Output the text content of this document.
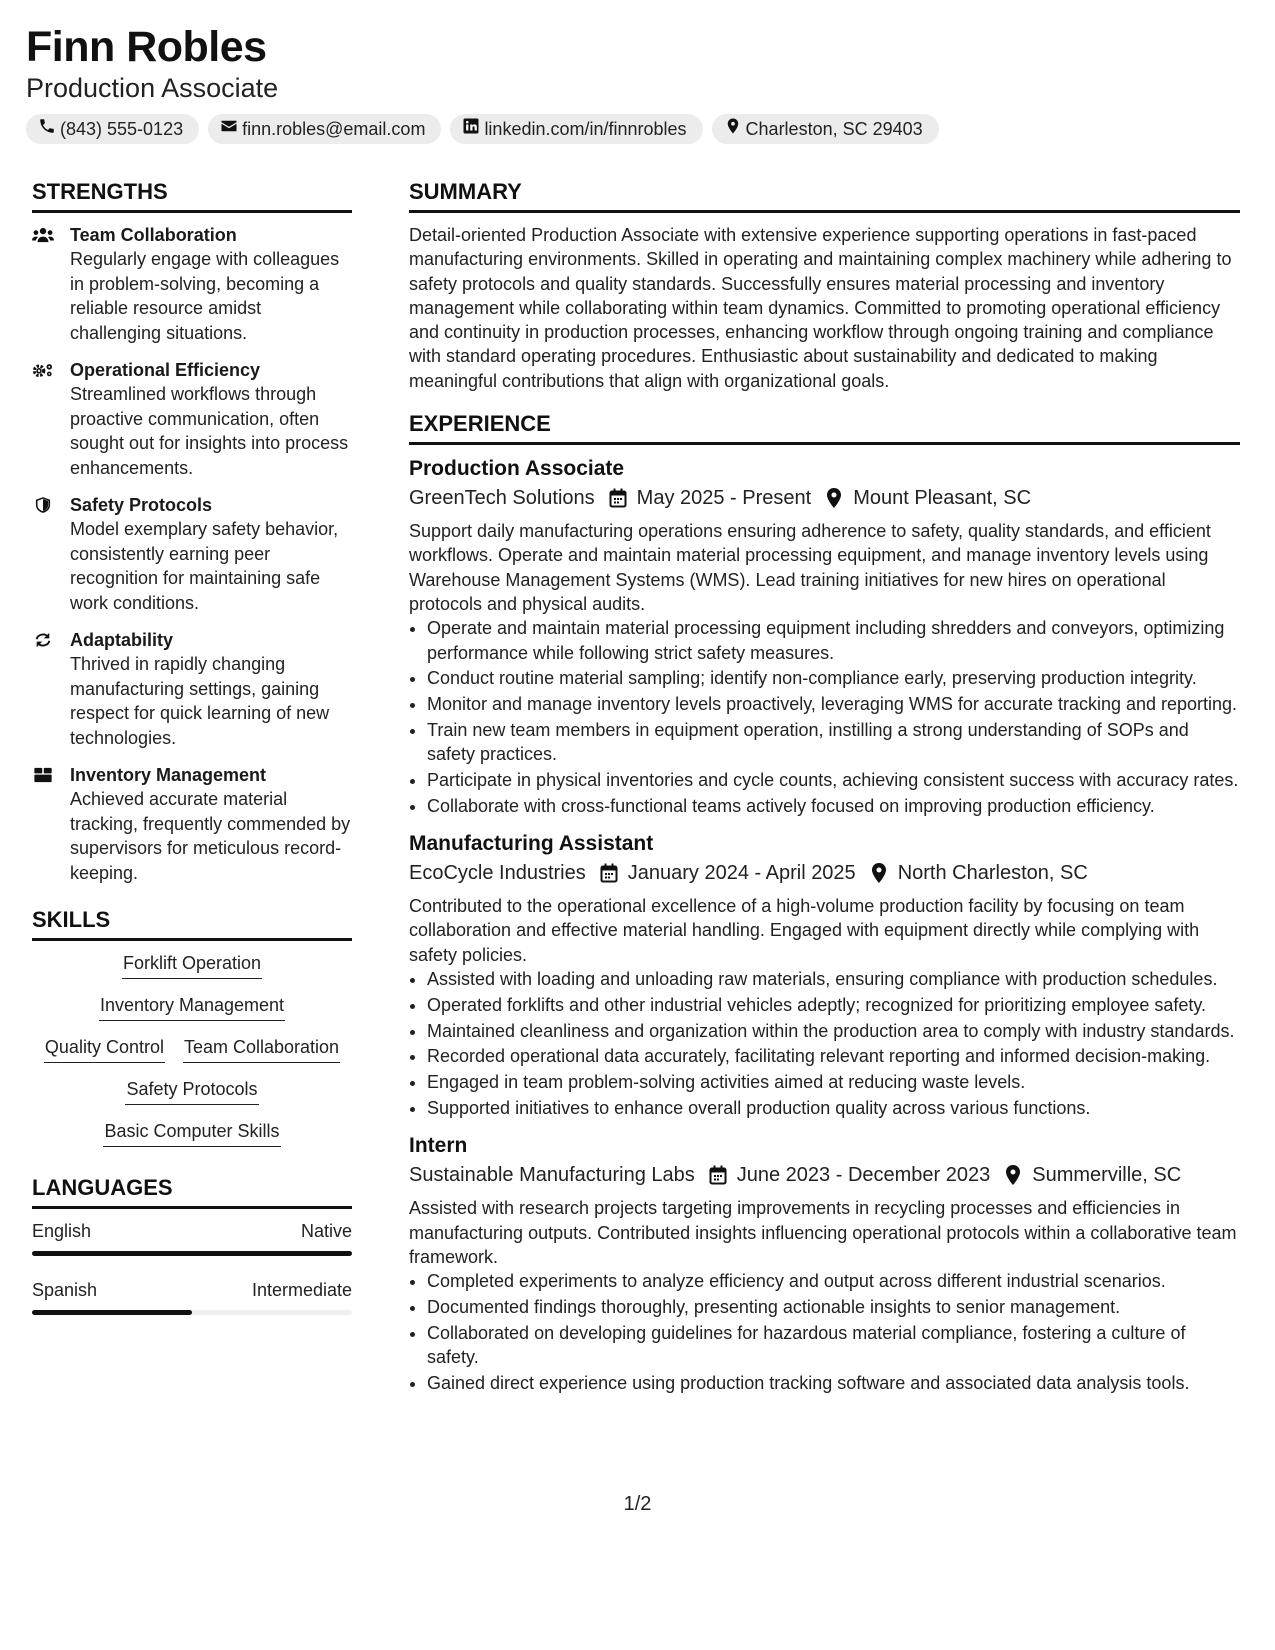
Finn Robles
Production Associate
(843) 555-0123	finn.robles@email.com	linkedin.com/in/finnrobles	Charleston, SC 29403
STRENGTHS
Team Collaboration
Regularly engage with colleagues in problem-solving, becoming a reliable resource amidst challenging situations.
Operational Efficiency
Streamlined workflows through proactive communication, often sought out for insights into process enhancements.
Safety Protocols
Model exemplary safety behavior, consistently earning peer recognition for maintaining safe work conditions.
Adaptability
Thrived in rapidly changing manufacturing settings, gaining respect for quick learning of new technologies.
Inventory Management
Achieved accurate material tracking, frequently commended by supervisors for meticulous record-keeping.
SKILLS
Forklift Operation
Inventory Management
Quality Control Team Collaboration
Safety Protocols
Basic Computer Skills
LANGUAGES
English	Native
Spanish	Intermediate
SUMMARY
Detail-oriented Production Associate with extensive experience supporting operations in fast-paced manufacturing environments. Skilled in operating and maintaining complex machinery while adhering to safety protocols and quality standards. Successfully ensures material processing and inventory management while collaborating within team dynamics. Committed to promoting operational efficiency and continuity in production processes, enhancing workflow through ongoing training and compliance with standard operating procedures. Enthusiastic about sustainability and dedicated to making meaningful contributions that align with organizational goals.
EXPERIENCE
Production Associate
GreenTech Solutions May 2025 - Present Mount Pleasant, SC
Support daily manufacturing operations ensuring adherence to safety, quality standards, and efficient workflows. Operate and maintain material processing equipment, and manage inventory levels using Warehouse Management Systems (WMS). Lead training initiatives for new hires on operational protocols and physical audits.
• Operate and maintain material processing equipment including shredders and conveyors, optimizing performance while following strict safety measures.
• Conduct routine material sampling; identify non-compliance early, preserving production integrity.
• Monitor and manage inventory levels proactively, leveraging WMS for accurate tracking and reporting.
• Train new team members in equipment operation, instilling a strong understanding of SOPs and safety practices.
• Participate in physical inventories and cycle counts, achieving consistent success with accuracy rates.
• Collaborate with cross-functional teams actively focused on improving production efficiency.
Manufacturing Assistant
EcoCycle Industries January 2024 - April 2025 North Charleston, SC
Contributed to the operational excellence of a high-volume production facility by focusing on team collaboration and effective material handling. Engaged with equipment directly while complying with safety policies.
• Assisted with loading and unloading raw materials, ensuring compliance with production schedules.
• Operated forklifts and other industrial vehicles adeptly; recognized for prioritizing employee safety.
• Maintained cleanliness and organization within the production area to comply with industry standards.
• Recorded operational data accurately, facilitating relevant reporting and informed decision-making.
• Engaged in team problem-solving activities aimed at reducing waste levels.
• Supported initiatives to enhance overall production quality across various functions.
Intern
Sustainable Manufacturing Labs June 2023 - December 2023 Summerville, SC
Assisted with research projects targeting improvements in recycling processes and efficiencies in manufacturing outputs. Contributed insights influencing operational protocols within a collaborative team framework.
• Completed experiments to analyze efficiency and output across different industrial scenarios.
• Documented findings thoroughly, presenting actionable insights to senior management.
• Collaborated on developing guidelines for hazardous material compliance, fostering a culture of safety.
• Gained direct experience using production tracking software and associated data analysis tools.
1/2
